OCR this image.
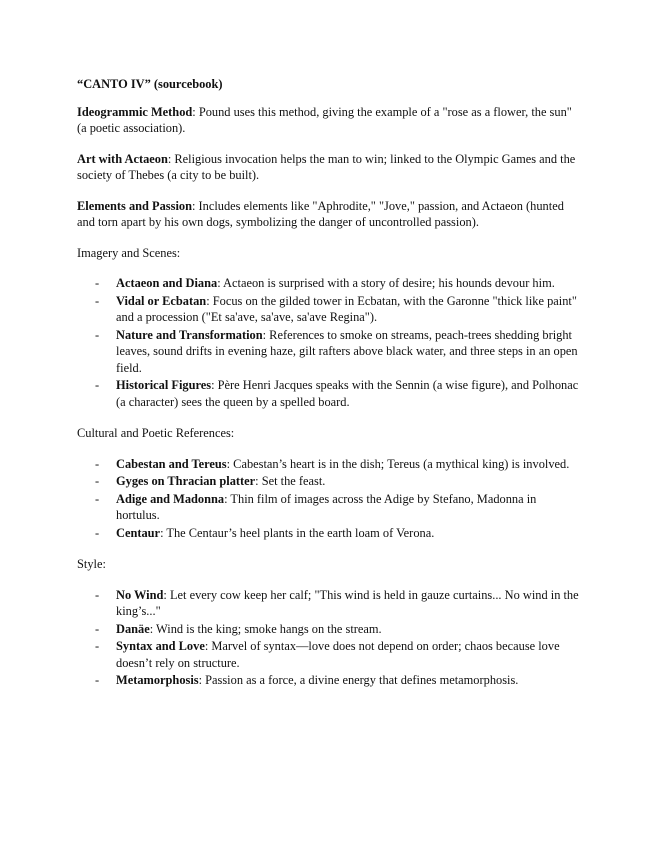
“CANTO IV” (sourcebook)
Ideogrammic Method: Pound uses this method, giving the example of a "rose as a flower, the sun" (a poetic association).
Art with Actaeon: Religious invocation helps the man to win; linked to the Olympic Games and the society of Thebes (a city to be built).
Elements and Passion: Includes elements like "Aphrodite," "Jove," passion, and Actaeon (hunted and torn apart by his own dogs, symbolizing the danger of uncontrolled passion).
Imagery and Scenes:
- Actaeon and Diana: Actaeon is surprised with a story of desire; his hounds devour him.
- Vidal or Ecbatan: Focus on the gilded tower in Ecbatan, with the Garonne "thick like paint" and a procession ("Et sa'ave, sa'ave, sa'ave Regina").
- Nature and Transformation: References to smoke on streams, peach-trees shedding bright leaves, sound drifts in evening haze, gilt rafters above black water, and three steps in an open field.
- Historical Figures: Père Henri Jacques speaks with the Sennin (a wise figure), and Polhonac (a character) sees the queen by a spelled board.
Cultural and Poetic References:
- Cabestan and Tereus: Cabestan’s heart is in the dish; Tereus (a mythical king) is involved.
- Gyges on Thracian platter: Set the feast.
- Adige and Madonna: Thin film of images across the Adige by Stefano, Madonna in hortulus.
- Centaur: The Centaur’s heel plants in the earth loam of Verona.
Style:
- No Wind: Let every cow keep her calf; "This wind is held in gauze curtains... No wind in the king’s..."
- Danäe: Wind is the king; smoke hangs on the stream.
- Syntax and Love: Marvel of syntax—love does not depend on order; chaos because love doesn’t rely on structure.
- Metamorphosis: Passion as a force, a divine energy that defines metamorphosis.
